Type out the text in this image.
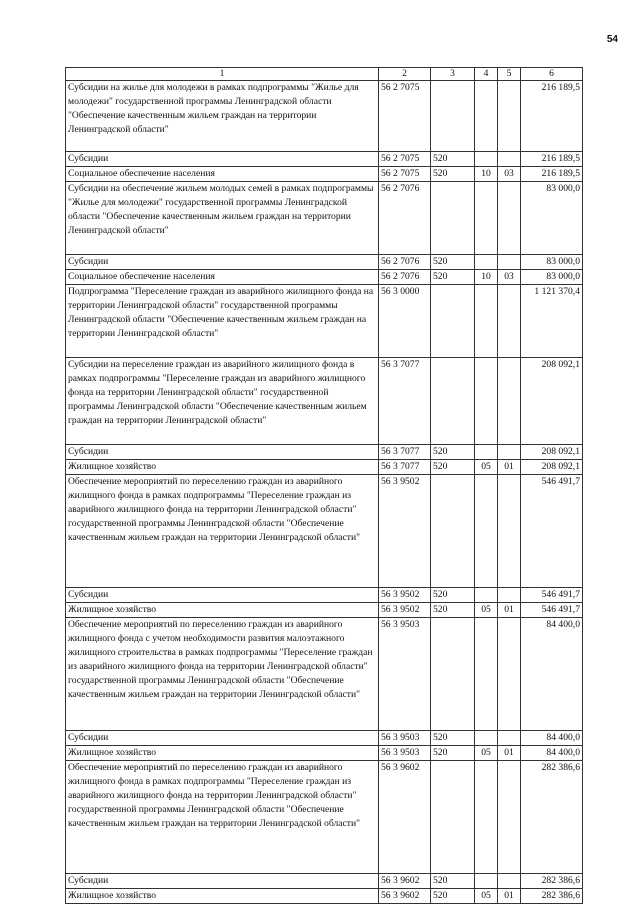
54
1	2	3	4	5	6
Субсидии на жилье для молодежи в рамках подпрограммы "Жилье для молодежи" государственной программы Ленинградской области "Обеспечение качественным жильем граждан на территории Ленинградской области"	56 2 7075				216 189,5
Субсидии	56 2 7075	520			216 189,5
Социальное обеспечение населения	56 2 7075	520	10	03	216 189,5
Субсидии на обеспечение жильем молодых семей в рамках подпрограммы "Жилье для молодежи" государственной программы Ленинградской области "Обеспечение качественным жильем граждан на территории Ленинградской области"	56 2 7076				83 000,0
Субсидии	56 2 7076	520			83 000,0
Социальное обеспечение населения	56 2 7076	520	10	03	83 000,0
Подпрограмма "Переселение граждан из аварийного жилищного фонда на территории Ленинградской области" государственной программы Ленинградской области "Обеспечение качественным жильем граждан на территории Ленинградской области"	56 3 0000				1 121 370,4
Субсидии на переселение граждан из аварийного жилищного фонда в рамках подпрограммы "Переселение граждан из аварийного жилищного фонда на территории Ленинградской области" государственной программы Ленинградской области "Обеспечение качественным жильем граждан на территории Ленинградской области"	56 3 7077				208 092,1
Субсидии	56 3 7077	520			208 092,1
Жилищное хозяйство	56 3 7077	520	05	01	208 092,1
Обеспечение мероприятий по переселению граждан из аварийного жилищного фонда в рамках подпрограммы "Переселение граждан из аварийного жилищного фонда на территории Ленинградской области" государственной программы Ленинградской области "Обеспечение качественным жильем граждан на территории Ленинградской области"	56 3 9502				546 491,7
Субсидии	56 3 9502	520			546 491,7
Жилищное хозяйство	56 3 9502	520	05	01	546 491,7
Обеспечение мероприятий по переселению граждан из аварийного жилищного фонда с учетом необходимости развития малоэтажного жилищного строительства в рамках подпрограммы "Переселение граждан из аварийного жилищного фонда на территории Ленинградской области" государственной программы Ленинградской области "Обеспечение качественным жильем граждан на территории Ленинградской области"	56 3 9503				84 400,0
Субсидии	56 3 9503	520			84 400,0
Жилищное хозяйство	56 3 9503	520	05	01	84 400,0
Обеспечение мероприятий по переселению граждан из аварийного жилищного фонда в рамках подпрограммы "Переселение граждан из аварийного жилищного фонда на территории Ленинградской области" государственной программы Ленинградской области "Обеспечение качественным жильем граждан на территории Ленинградской области"	56 3 9602				282 386,6
Субсидии	56 3 9602	520			282 386,6
Жилищное хозяйство	56 3 9602	520	05	01	282 386,6
